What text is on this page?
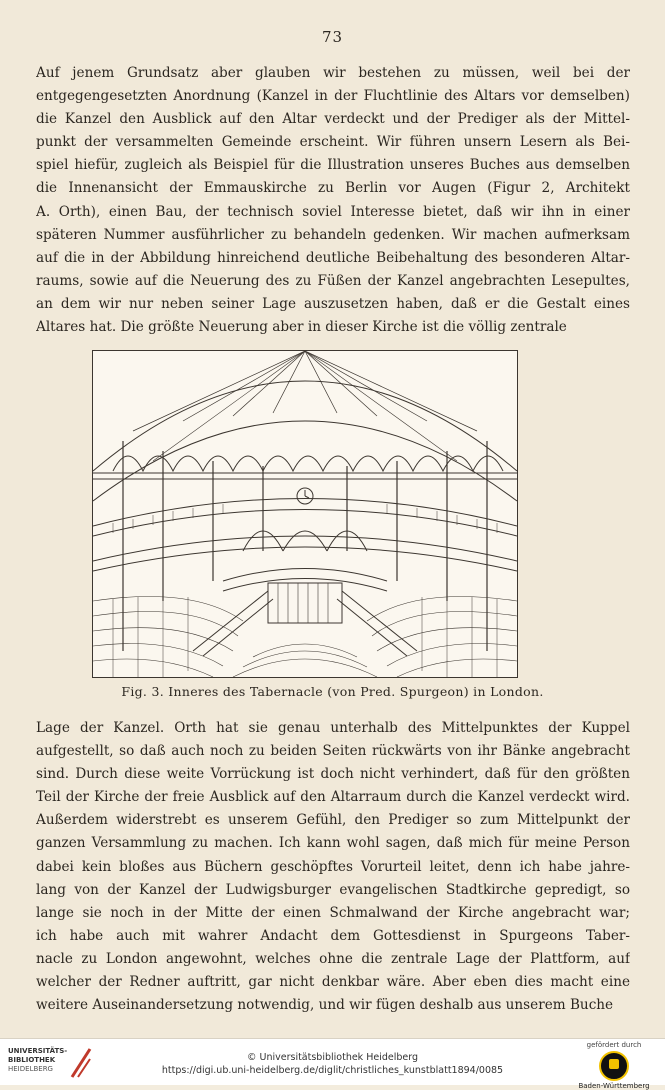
73
Auf jenem Grundsatz aber glauben wir bestehen zu müssen, weil bei der
entgegengesetzten Anordnung (Kanzel in der Fluchtlinie des Altars vor demselben)
die Kanzel den Ausblick auf den Altar verdeckt und der Prediger als der Mittel-
punkt der versammelten Gemeinde erscheint. Wir führen unsern Lesern als Bei-
spiel hiefür, zugleich als Beispiel für die Illustration unseres Buches aus demselben
die Innenansicht der Emmauskirche zu Berlin vor Augen (Figur 2, Architekt
A. Orth), einen Bau, der technisch soviel Interesse bietet, daß wir ihn in einer
späteren Nummer ausführlicher zu behandeln gedenken. Wir machen aufmerksam
auf die in der Abbildung hinreichend deutliche Beibehaltung des besonderen Altar-
raums, sowie auf die Neuerung des zu Füßen der Kanzel angebrachten Lesepultes,
an dem wir nur neben seiner Lage auszusetzen haben, daß er die Gestalt eines
Altares hat. Die größte Neuerung aber in dieser Kirche ist die völlig zentrale
Fig. 3. Inneres des Tabernacle (von Pred. Spurgeon) in London.
Lage der Kanzel. Orth hat sie genau unterhalb des Mittelpunktes der Kuppel
aufgestellt, so daß auch noch zu beiden Seiten rückwärts von ihr Bänke angebracht
sind. Durch diese weite Vorrückung ist doch nicht verhindert, daß für den größten
Teil der Kirche der freie Ausblick auf den Altarraum durch die Kanzel verdeckt wird.
Außerdem widerstrebt es unserem Gefühl, den Prediger so zum Mittelpunkt der
ganzen Versammlung zu machen. Ich kann wohl sagen, daß mich für meine Person
dabei kein bloßes aus Büchern geschöpftes Vorurteil leitet, denn ich habe jahre-
lang von der Kanzel der Ludwigsburger evangelischen Stadtkirche gepredigt, so
lange sie noch in der Mitte der einen Schmalwand der Kirche angebracht war;
ich habe auch mit wahrer Andacht dem Gottesdienst in Spurgeons Taber-
nacle zu London angewohnt, welches ohne die zentrale Lage der Plattform, auf
welcher der Redner auftritt, gar nicht denkbar wäre. Aber eben dies macht eine
weitere Auseinandersetzung notwendig, und wir fügen deshalb aus unserem Buche
UNIVERSITÄTS-
BIBLIOTHEK
HEIDELBERG
© Universitätsbibliothek Heidelberg
https://digi.ub.uni-heidelberg.de/diglit/christliches_kunstblatt1894/0085
gefördert durch
Baden-Württemberg
